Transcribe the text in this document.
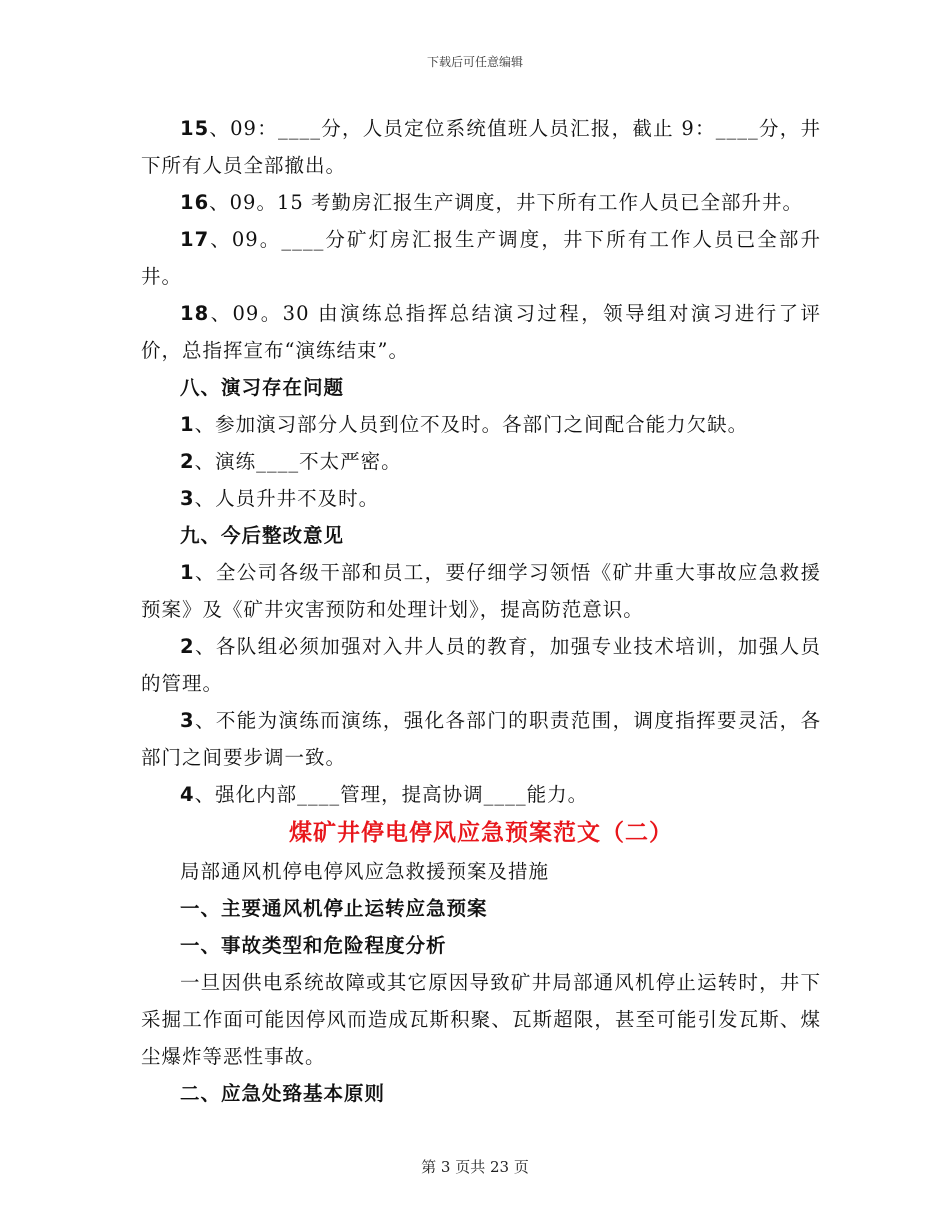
下载后可任意编辑

15、09：____分，人员定位系统值班人员汇报，截止 9：____分，井下所有人员全部撤出。

16、09。15 考勤房汇报生产调度，井下所有工作人员已全部升井。

17、09。____分矿灯房汇报生产调度，井下所有工作人员已全部升井。

18、09。30 由演练总指挥总结演习过程，领导组对演习进行了评价，总指挥宣布“演练结束”。

八、演习存在问题

1、参加演习部分人员到位不及时。各部门之间配合能力欠缺。

2、演练____不太严密。

3、人员升井不及时。

九、今后整改意见

1、全公司各级干部和员工，要仔细学习领悟《矿井重大事故应急救援预案》及《矿井灾害预防和处理计划》，提高防范意识。

2、各队组必须加强对入井人员的教育，加强专业技术培训，加强人员的管理。

3、不能为演练而演练，强化各部门的职责范围，调度指挥要灵活，各部门之间要步调一致。

4、强化内部____管理，提高协调____能力。

煤矿井停电停风应急预案范文（二）

局部通风机停电停风应急救援预案及措施

一、主要通风机停止运转应急预案

一、事故类型和危险程度分析

一旦因供电系统故障或其它原因导致矿井局部通风机停止运转时，井下采掘工作面可能因停风而造成瓦斯积聚、瓦斯超限，甚至可能引发瓦斯、煤尘爆炸等恶性事故。

二、应急处臵基本原则

第 3 页共 23 页
